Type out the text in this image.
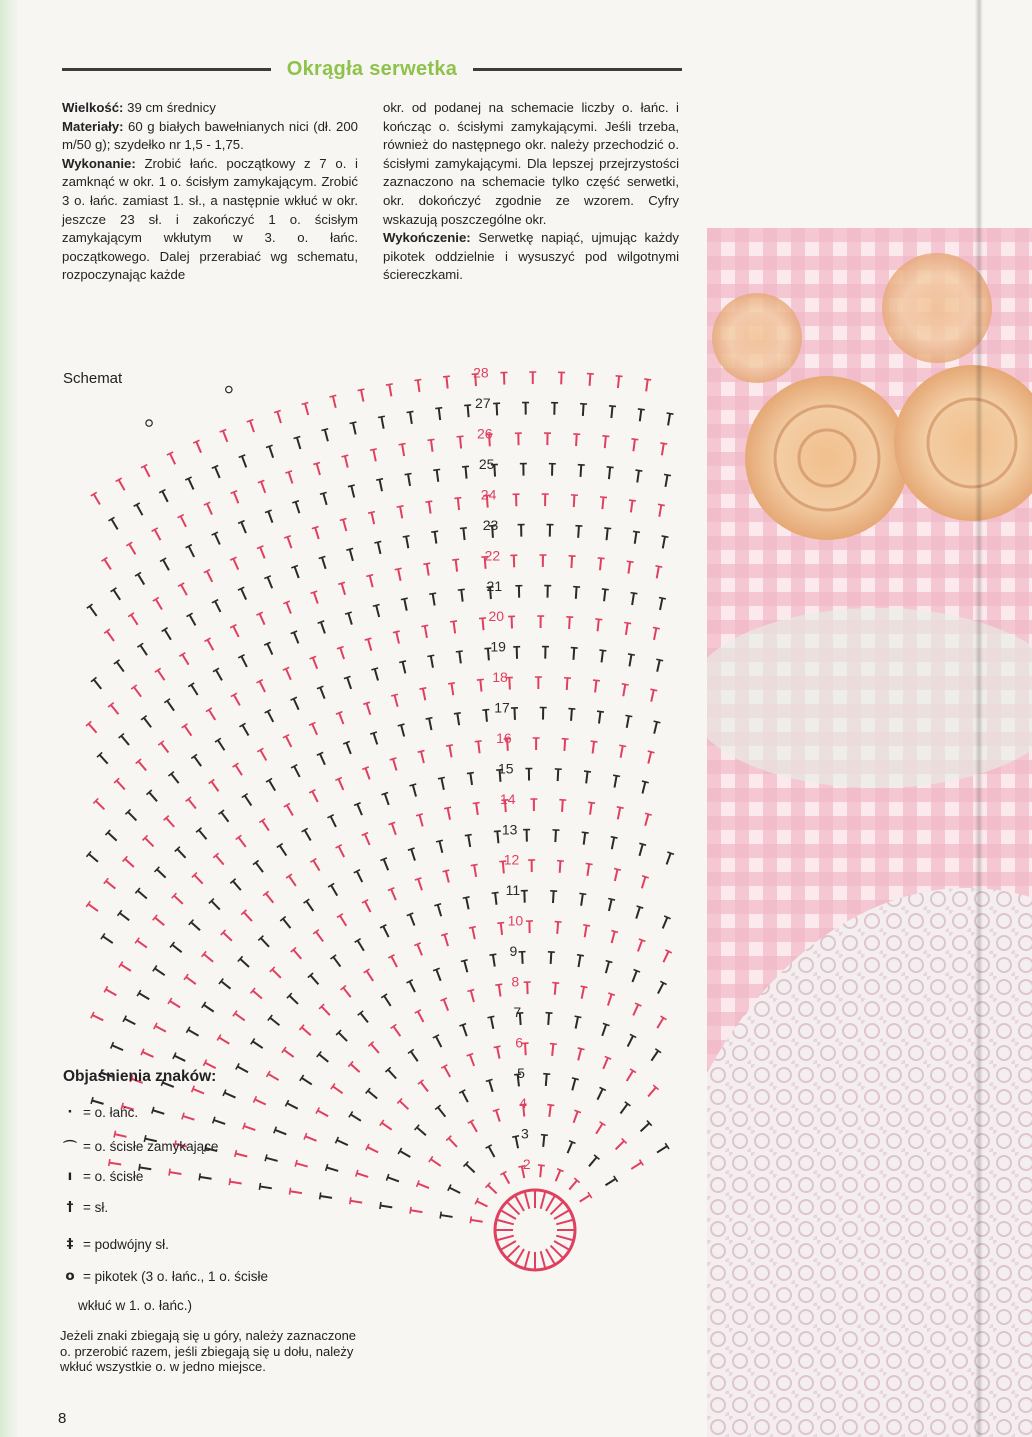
Okrągła serwetka

Wielkość: 39 cm średnicy

Materiały: 60 g białych bawełnianych nici (dł. 200 m/50 g); szydełko nr 1,5 - 1,75.

Wykonanie: Zrobić łańc. początkowy z 7 o. i zamknąć w okr. 1 o. ścisłym zamykającym. Zrobić 3 o. łańc. zamiast 1. sł., a następnie wkłuć w okr. jeszcze 23 sł. i zakończyć 1 o. ścisłym zamykającym wkłutym w 3. o. łańc. początkowego. Dalej przerabiać wg schematu, rozpoczynając każde

okr. od podanej na schemacie liczby o. łańc. i kończąc o. ścisłymi zamykającymi. Jeśli trzeba, również do następnego okr. należy przechodzić o. ścisłymi zamykającymi. Dla lepszej przejrzystości zaznaczono na schemacie tylko część serwetki, okr. dokończyć zgodnie ze wzorem. Cyfry wskazują poszczególne okr.

Wykończenie: Serwetkę napiąć, ujmując każdy pikotek oddzielnie i wysuszyć pod wilgotnymi ściereczkami.

Schemat
2
3
4
5
6
7
8
9
10
11
12
13
14
15
16
17
18
19
20
21
22
23
24
25
26
27
28
Objaśnienia znaków:
· = o. łańc.
⌒ = o. ścisłe zamykające
ı = o. ścisłe
† = sł.
‡ = podwójny sł.
o = pikotek (3 o. łańc., 1 o. ścisłe
wkłuć w 1. o. łańc.)
Jeżeli znaki zbiegają się u góry, należy zaznaczone o. przerobić razem, jeśli zbiegają się u dołu, należy wkłuć wszystkie o. w jedno miejsce.
8
